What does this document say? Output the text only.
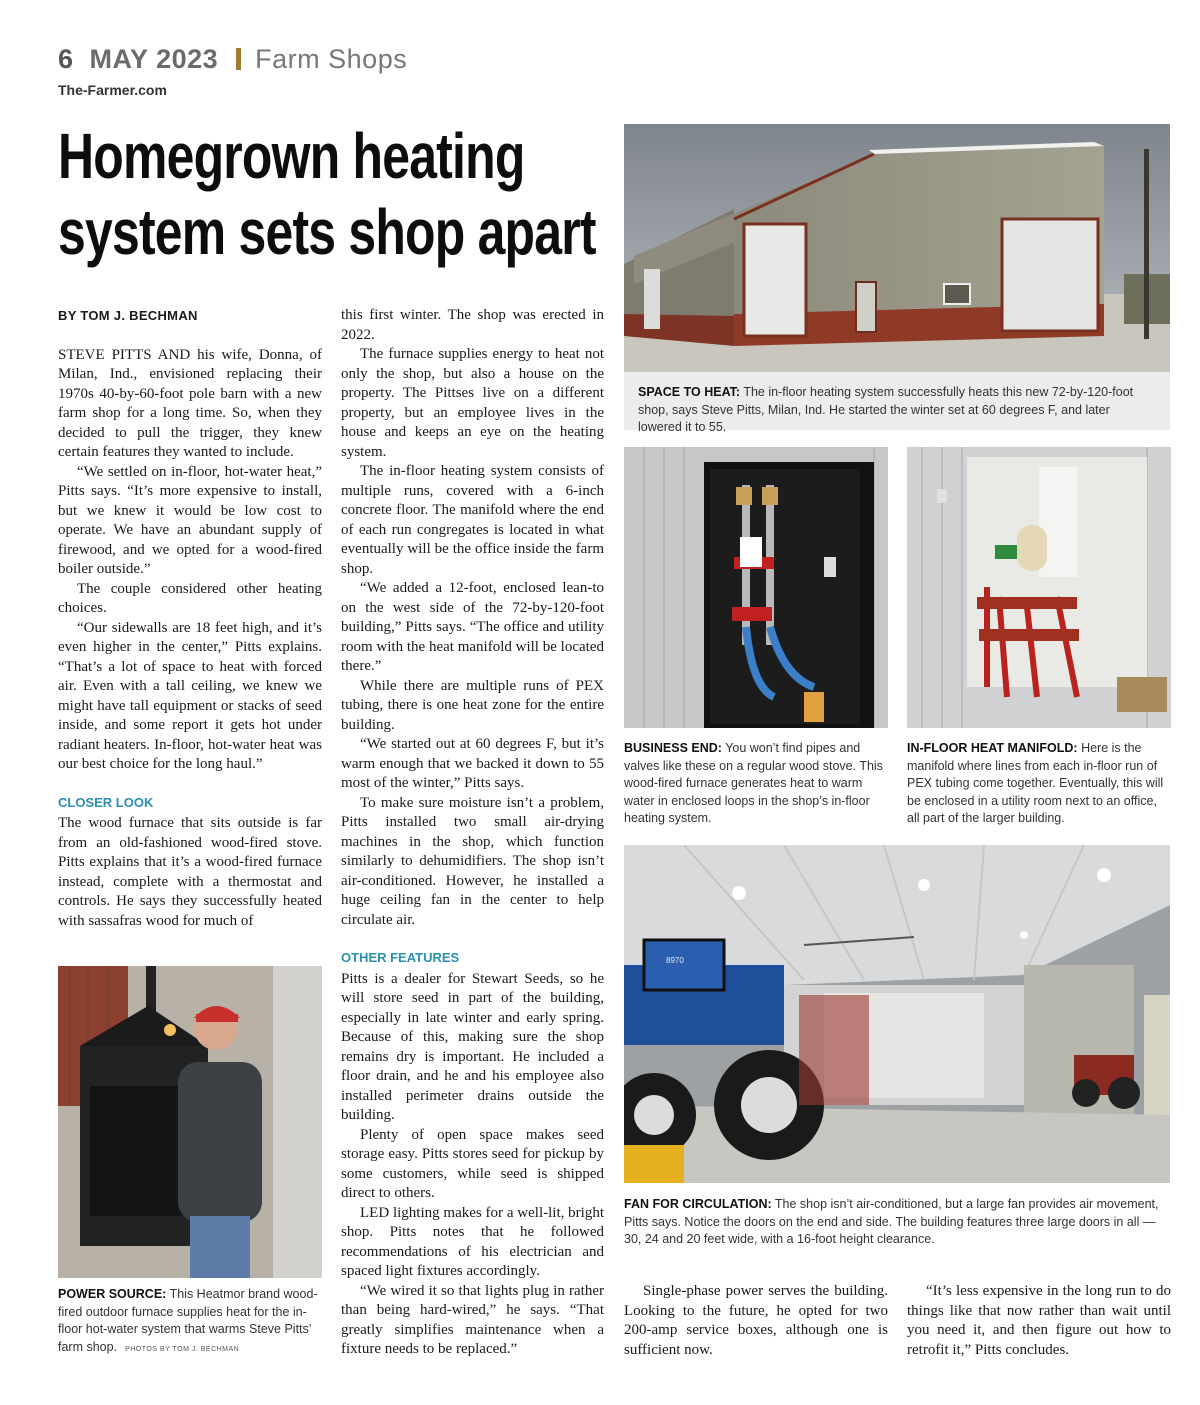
6 MAY 2023 Farm Shops
The-Farmer.com
Homegrown heating
system sets shop apart
BY TOM J. BECHMAN

STEVE PITTS AND his wife, Donna, of Milan, Ind., envisioned replacing their 1970s 40-by-60-foot pole barn with a new farm shop for a long time. So, when they decided to pull the trigger, they knew certain features they wanted to include.

“We settled on in-floor, hot-water heat,” Pitts says. “It’s more expensive to install, but we knew it would be low cost to operate. We have an abundant supply of firewood, and we opted for a wood-fired boiler outside.”

The couple considered other heating choices.

“Our sidewalls are 18 feet high, and it’s even higher in the center,” Pitts explains. “That’s a lot of space to heat with forced air. Even with a tall ceiling, we knew we might have tall equipment or stacks of seed inside, and some report it gets hot under radiant heaters. In-floor, hot-water heat was our best choice for the long haul.”

CLOSER LOOK

The wood furnace that sits outside is far from an old-fashioned wood-fired stove. Pitts explains that it’s a wood-fired furnace instead, complete with a thermostat and controls. He says they successfully heated with sassafras wood for much of

this first winter. The shop was erected in 2022.

The furnace supplies energy to heat not only the shop, but also a house on the property. The Pittses live on a different property, but an employee lives in the house and keeps an eye on the heating system.

The in-floor heating system consists of multiple runs, covered with a 6-inch concrete floor. The manifold where the end of each run congregates is located in what eventually will be the office inside the farm shop.

“We added a 12-foot, enclosed lean-to on the west side of the 72-by-120-foot building,” Pitts says. “The office and utility room with the heat manifold will be located there.”

While there are multiple runs of PEX tubing, there is one heat zone for the entire building.

“We started out at 60 degrees F, but it’s warm enough that we backed it down to 55 most of the winter,” Pitts says.

To make sure moisture isn’t a problem, Pitts installed two small air-drying machines in the shop, which function similarly to dehumidifiers. The shop isn’t air-conditioned. However, he installed a huge ceiling fan in the center to help circulate air.

OTHER FEATURES

Pitts is a dealer for Stewart Seeds, so he will store seed in part of the building, especially in late winter and early spring. Because of this, making sure the shop remains dry is important. He included a floor drain, and he and his employee also installed perimeter drains outside the building.

Plenty of open space makes seed storage easy. Pitts stores seed for pickup by some customers, while seed is shipped direct to others.

LED lighting makes for a well-lit, bright shop. Pitts notes that he followed recommendations of his electrician and spaced light fixtures accordingly.

“We wired it so that lights plug in rather than being hard-wired,” he says. “That greatly simplifies maintenance when a fixture needs to be replaced.”

SPACE TO HEAT: The in-floor heating system successfully heats this new 72-by-120-foot shop, says Steve Pitts, Milan, Ind. He started the winter set at 60 degrees F, and later lowered it to 55.
BUSINESS END: You won’t find pipes and valves like these on a regular wood stove. This wood-fired furnace generates heat to warm water in enclosed loops in the shop’s in-floor heating system.
IN-FLOOR HEAT MANIFOLD: Here is the manifold where lines from each in-floor run of PEX tubing come together. Eventually, this will be enclosed in a utility room next to an office, all part of the larger building.
8970
FAN FOR CIRCULATION: The shop isn’t air-conditioned, but a large fan provides air movement, Pitts says. Notice the doors on the end and side. The building features three large doors in all — 30, 24 and 20 feet wide, with a 16-foot height clearance.
POWER SOURCE: This Heatmor brand wood-fired outdoor furnace supplies heat for the in-floor hot-water system that warms Steve Pitts’ farm shop. PHOTOS BY TOM J. BECHMAN

Single-phase power serves the building. Looking to the future, he opted for two 200-amp service boxes, although one is sufficient now.

“It’s less expensive in the long run to do things like that now rather than wait until you need it, and then figure out how to retrofit it,” Pitts concludes.
